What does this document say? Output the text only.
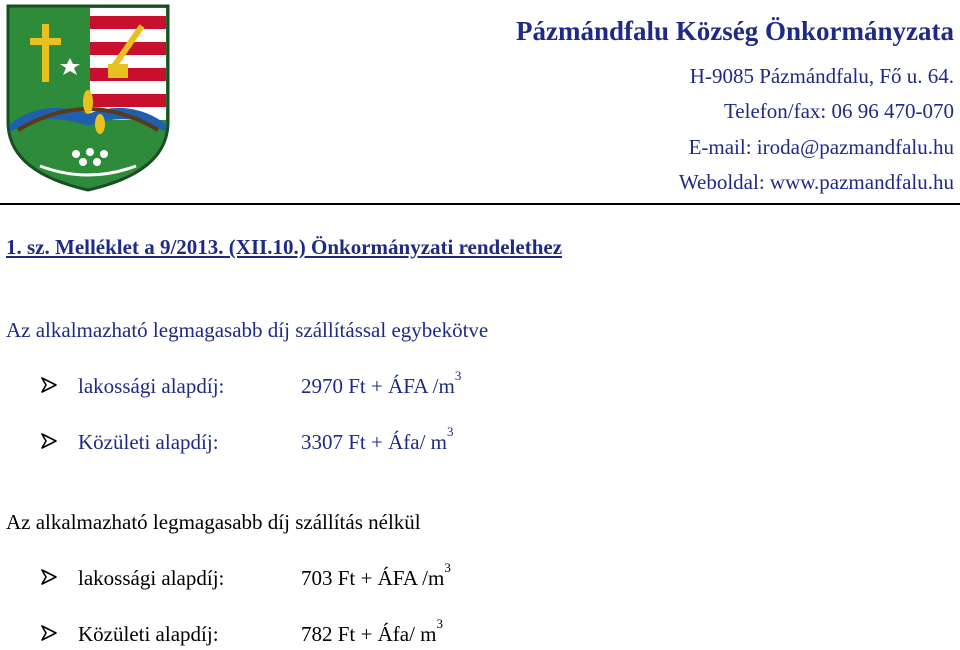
Pázmándfalu Község Önkormányzata
H-9085 Pázmándfalu, Fő u. 64.
Telefon/fax: 06 96 470-070
E-mail: iroda@pazmandfalu.hu
Weboldal: www.pazmandfalu.hu
1. sz. Melléklet a 9/2013. (XII.10.) Önkormányzati rendelethez
Az alkalmazható legmagasabb díj szállítással egybekötve
lakossági alapdíj:	2970 Ft + ÁFA $/m^3$
Közületi alapdíj:	3307 Ft + Áfa/ $m^3$
Az alkalmazható legmagasabb díj szállítás nélkül
lakossági alapdíj:	703 Ft + ÁFA $/m^3$
Közületi alapdíj:	782 Ft + Áfa/ $m^3$
